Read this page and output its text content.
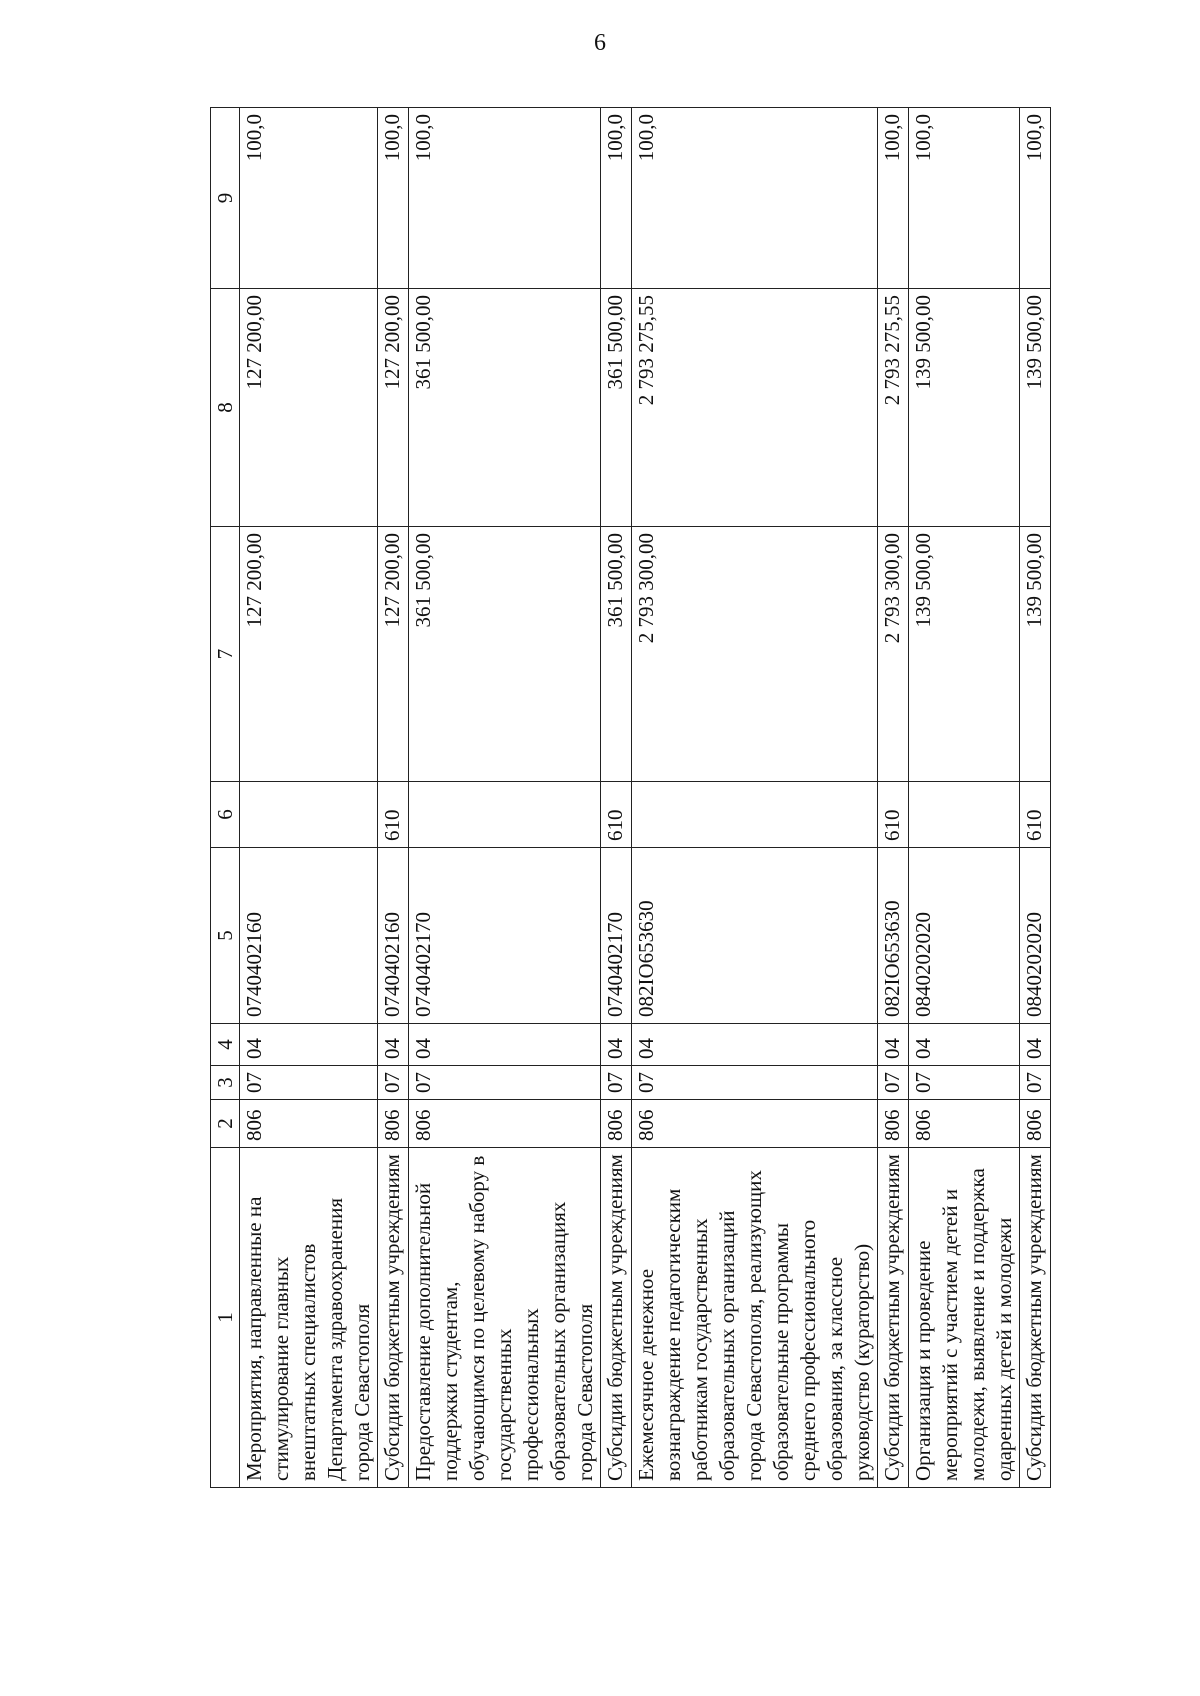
6
1	2	3	4	5	6	7	8	9
Мероприятия, направленные на стимулирование главных внештатных специалистов Департамента здравоохранения города Севастополя	806	07	04	0740402160		127 200,00	127 200,00	100,0
Субсидии бюджетным учреждениям	806	07	04	0740402160	610	127 200,00	127 200,00	100,0
Предоставление дополнительной поддержки студентам, обучающимся по целевому набору в государственных профессиональных образовательных организациях города Севастополя	806	07	04	0740402170		361 500,00	361 500,00	100,0
Субсидии бюджетным учреждениям	806	07	04	0740402170	610	361 500,00	361 500,00	100,0
Ежемесячное денежное вознаграждение педагогическим работникам государственных образовательных организаций города Севастополя, реализующих образовательные программы среднего профессионального образования, за классное руководство (кураторство)	806	07	04	082IО653630		2 793 300,00	2 793 275,55	100,0
Субсидии бюджетным учреждениям	806	07	04	082IО653630	610	2 793 300,00	2 793 275,55	100,0
Организация и проведение мероприятий с участием детей и молодежи, выявление и поддержка одаренных детей и молодежи	806	07	04	0840202020		139 500,00	139 500,00	100,0
Субсидии бюджетным учреждениям	806	07	04	0840202020	610	139 500,00	139 500,00	100,0
